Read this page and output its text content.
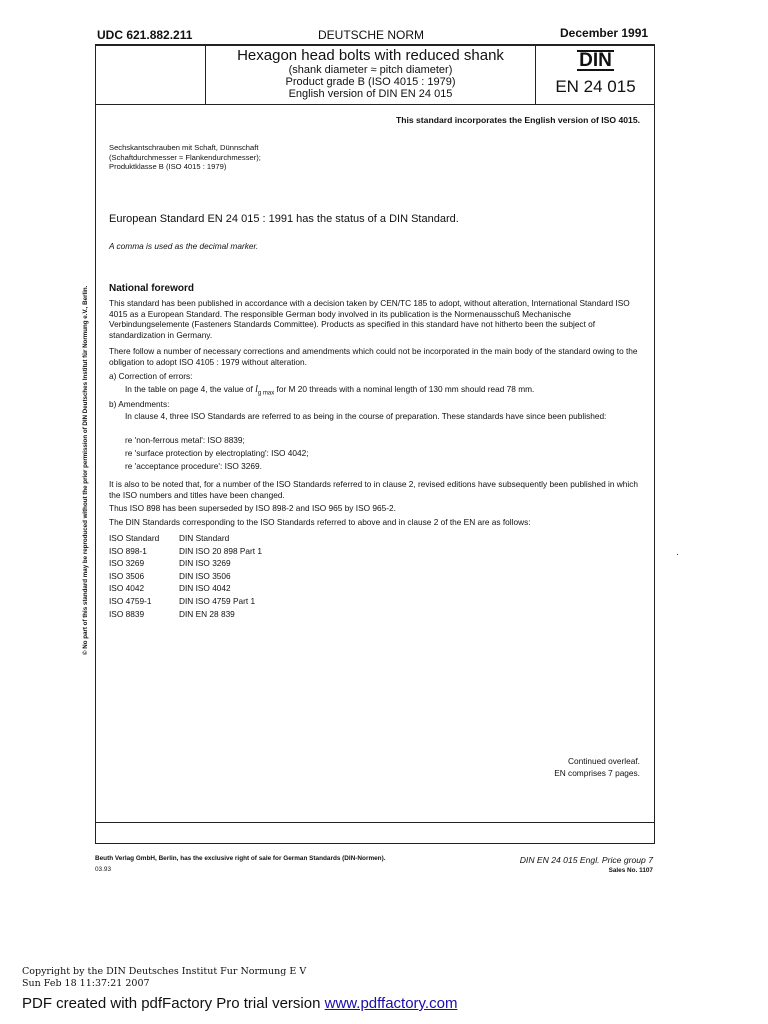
UDC 621.882.211	DEUTSCHE NORM	December 1991
Hexagon head bolts with reduced shank
(shank diameter ≈ pitch diameter)
Product grade B (ISO 4015 : 1979)
English version of DIN EN 24 015
DIN
EN 24 015
This standard incorporates the English version of ISO 4015.
Sechskantschrauben mit Schaft, Dünnschaft
(Schaftdurchmesser ≈ Flankendurchmesser);
Produktklasse B (ISO 4015 : 1979)
European Standard EN 24 015 : 1991 has the status of a DIN Standard.
A comma is used as the decimal marker.
National foreword
This standard has been published in accordance with a decision taken by CEN/TC 185 to adopt, without alteration, International Standard ISO 4015 as a European Standard. The responsible German body involved in its publication is the Normenausschuß Mechanische Verbindungselemente (Fasteners Standards Committee). Products as specified in this standard have not hitherto been the subject of standardization in Germany.
There follow a number of necessary corrections and amendments which could not be incorporated in the main body of the standard owing to the obligation to adopt ISO 4105 : 1979 without alteration.
a) Correction of errors:
In the table on page 4, the value of $l_{g max}$ for M 20 threads with a nominal length of 130 mm should read 78 mm.
b) Amendments:
In clause 4, three ISO Standards are referred to as being in the course of preparation. These standards have since been published:
re 'non-ferrous metal': ISO 8839;
re 'surface protection by electroplating': ISO 4042;
re 'acceptance procedure': ISO 3269.
It is also to be noted that, for a number of the ISO Standards referred to in clause 2, revised editions have subsequently been published in which the ISO numbers and titles have been changed.
Thus ISO 898 has been superseded by ISO 898-2 and ISO 965 by ISO 965-2.
The DIN Standards corresponding to the ISO Standards referred to above and in clause 2 of the EN are as follows:
ISO Standard	DIN Standard
ISO 898-1	DIN ISO 20 898 Part 1
ISO 3269	DIN ISO 3269
ISO 3506	DIN ISO 3506
ISO 4042	DIN ISO 4042
ISO 4759-1	DIN ISO 4759 Part 1
ISO 8839	DIN EN 28 839
Continued overleaf.
EN comprises 7 pages.
Beuth Verlag GmbH, Berlin, has the exclusive right of sale for German Standards (DIN-Normen).
03.93
DIN EN 24 015 Engl. Price group 7
Sales No. 1107
© No part of this standard may be reproduced without the prior permission of DIN Deutsches Institut für Normung e.V., Berlin.
Copyright by the DIN Deutsches Institut Fur Normung E V
Sun Feb 18 11:37:21 2007
PDF created with pdfFactory Pro trial version www.pdffactory.com
